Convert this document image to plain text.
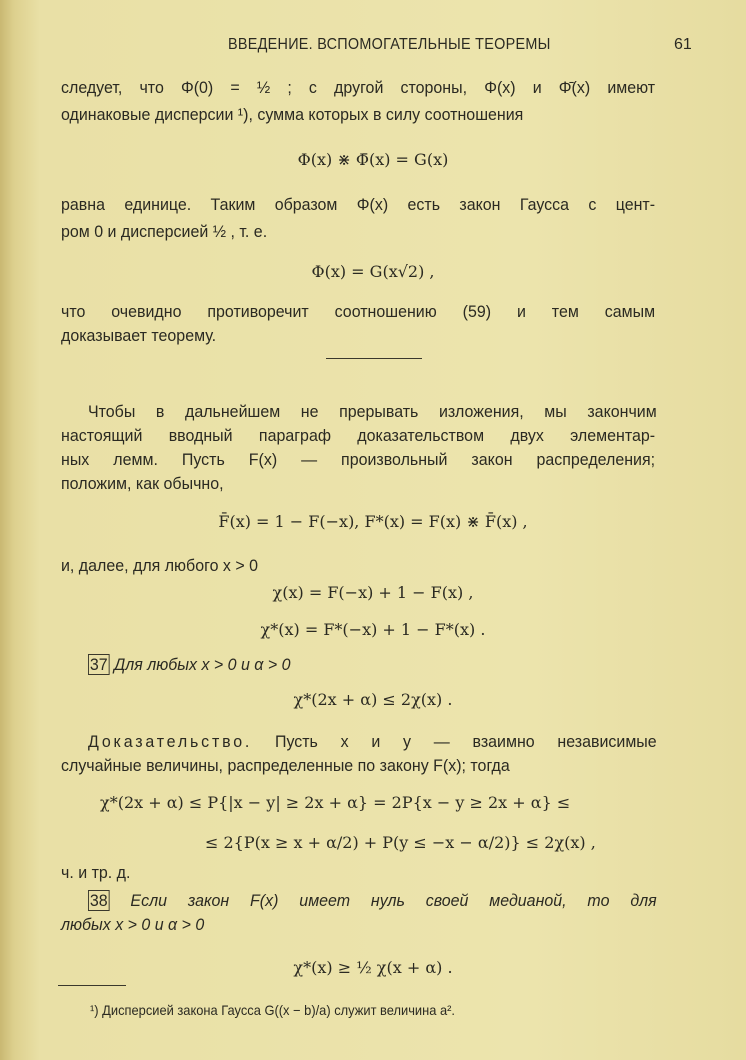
ВВЕДЕНИЕ. ВСПОМОГАТЕЛЬНЫЕ ТЕОРЕМЫ	61
следует, что Φ(0) = ½ ; с другой стороны, Φ(x) и Φ̄(x) имеют
одинаковые дисперсии ¹), сумма которых в силу соотношения
Φ(x) ⋇ Φ̄(x) = G(x)
равна единице. Таким образом Φ(x) есть закон Гаусса с цент-
ром 0 и дисперсией ½ , т. е.
Φ(x) = G(x√2) ,
что очевидно противоречит соотношению (59) и тем самым
доказывает теорему.
Чтобы в дальнейшем не прерывать изложения, мы закончим
настоящий вводный параграф доказательством двух элементар-
ных лемм. Пусть F(x) — произвольный закон распределения;
положим, как обычно,
F̄(x) = 1 − F(−x), F*(x) = F(x) ⋇ F̄(x) ,
и, далее, для любого x > 0
χ(x) = F(−x) + 1 − F(x) ,
χ*(x) = F*(−x) + 1 − F*(x) .
37 Для любых x > 0 и α > 0
χ*(2x + α) ≤ 2χ(x) .
Доказательство. Пусть x и y — взаимно независимые
случайные величины, распределенные по закону F(x); тогда
χ*(2x + α) ≤ P{|x − y| ≥ 2x + α} = 2P{x − y ≥ 2x + α} ≤
≤ 2{P(x ≥ x + α/2) + P(y ≤ −x − α/2)} ≤ 2χ(x) ,
ч. и тр. д.
38 Если закон F(x) имеет нуль своей медианой, то для
любых x > 0 и α > 0
χ*(x) ≥ ½ χ(x + α) .
¹) Дисперсией закона Гаусса G((x − b)/a) служит величина a².
